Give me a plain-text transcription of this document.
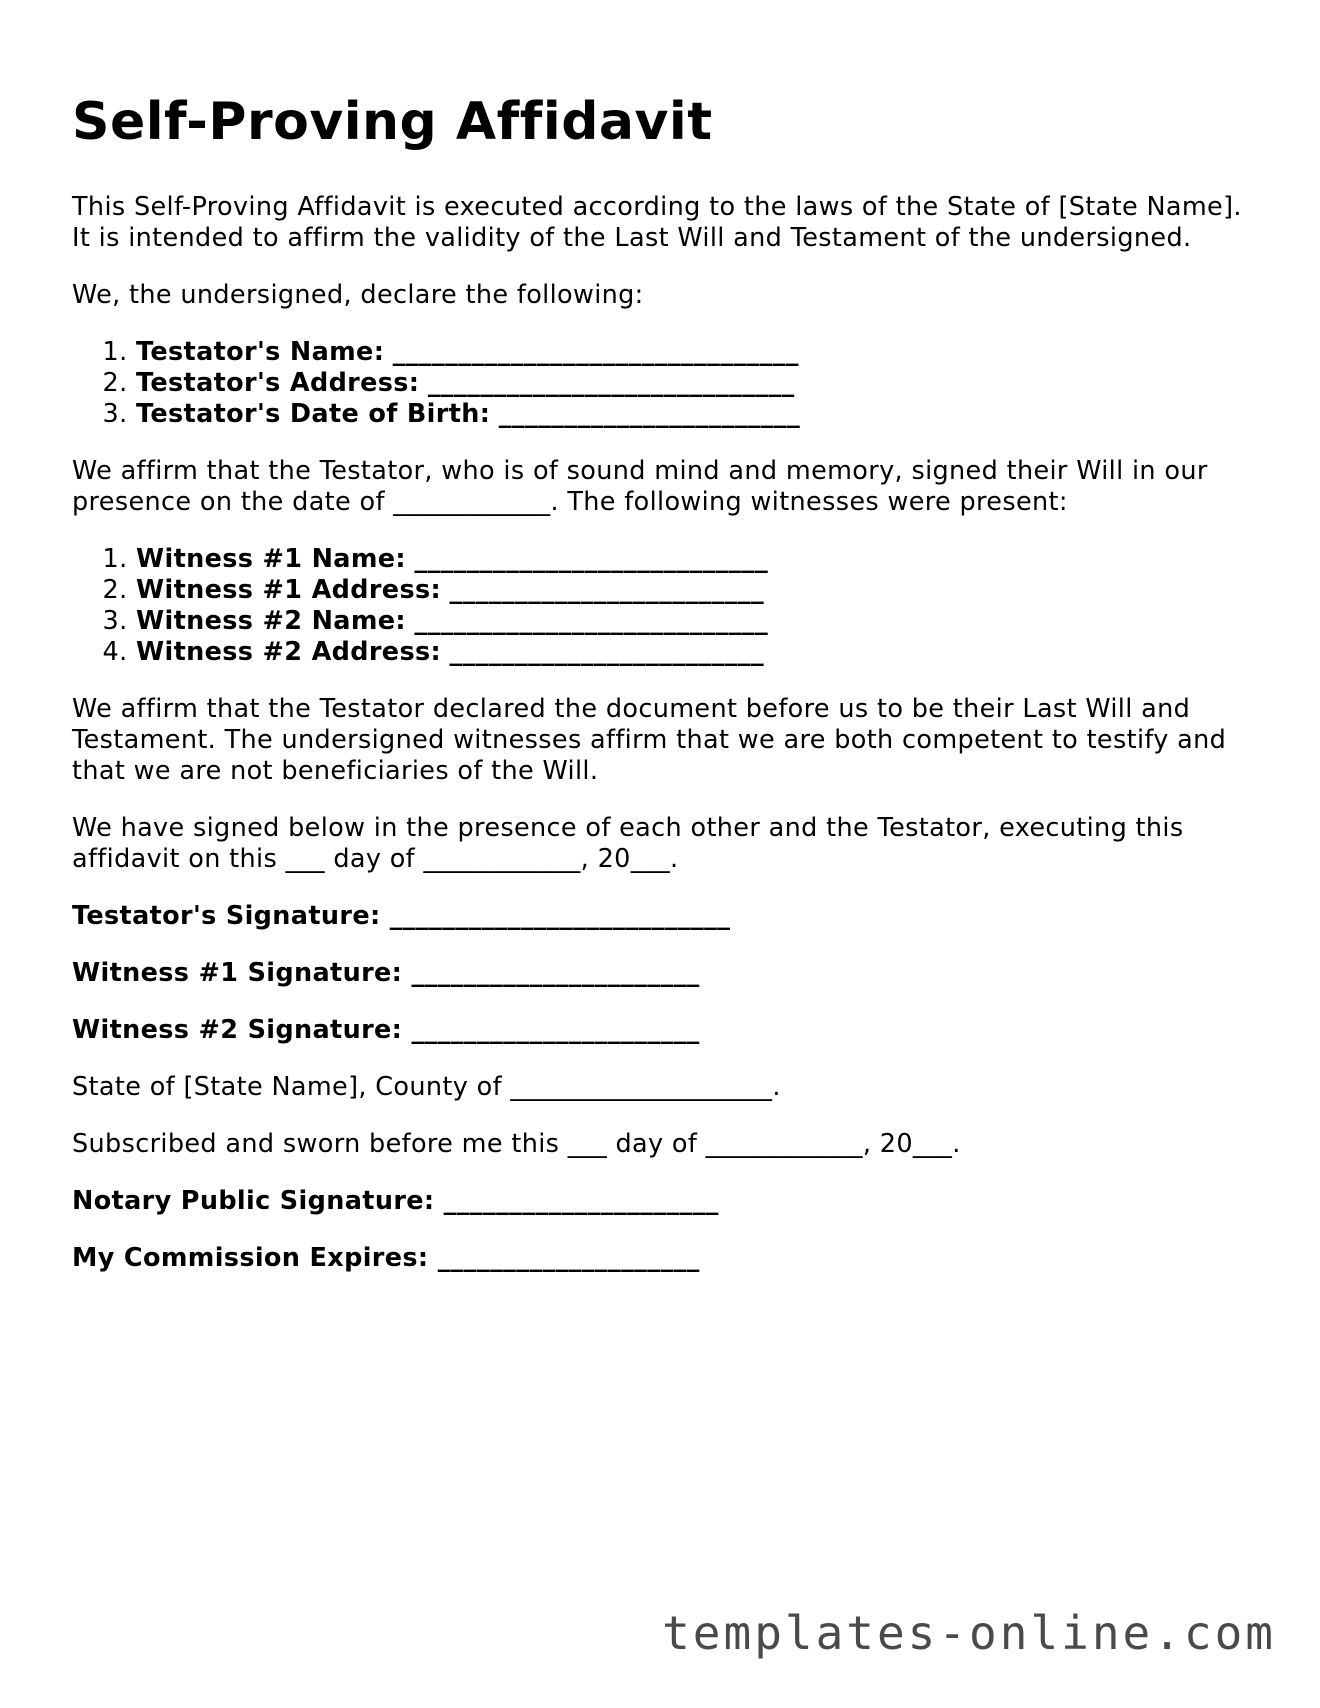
Self-Proving Affidavit

This Self-Proving Affidavit is executed according to the laws of the State of [State Name].
It is intended to affirm the validity of the Last Will and Testament of the undersigned.

We, the undersigned, declare the following:

1. Testator's Name: _______________________________
2. Testator's Address: ____________________________
3. Testator's Date of Birth: _______________________

We affirm that the Testator, who is of sound mind and memory, signed their Will in our presence on the date of ____________. The following witnesses were present:

1. Witness #1 Name: ___________________________
2. Witness #1 Address: ________________________
3. Witness #2 Name: ___________________________
4. Witness #2 Address: ________________________

We affirm that the Testator declared the document before us to be their Last Will and Testament. The undersigned witnesses affirm that we are both competent to testify and that we are not beneficiaries of the Will.

We have signed below in the presence of each other and the Testator, executing this affidavit on this ___ day of ____________, 20___.

Testator's Signature: __________________________
Witness #1 Signature: ______________________
Witness #2 Signature: ______________________

State of [State Name], County of ____________________.

Subscribed and sworn before me this ___ day of ____________, 20___.

Notary Public Signature: _____________________
My Commission Expires: ____________________
templates-online.com
